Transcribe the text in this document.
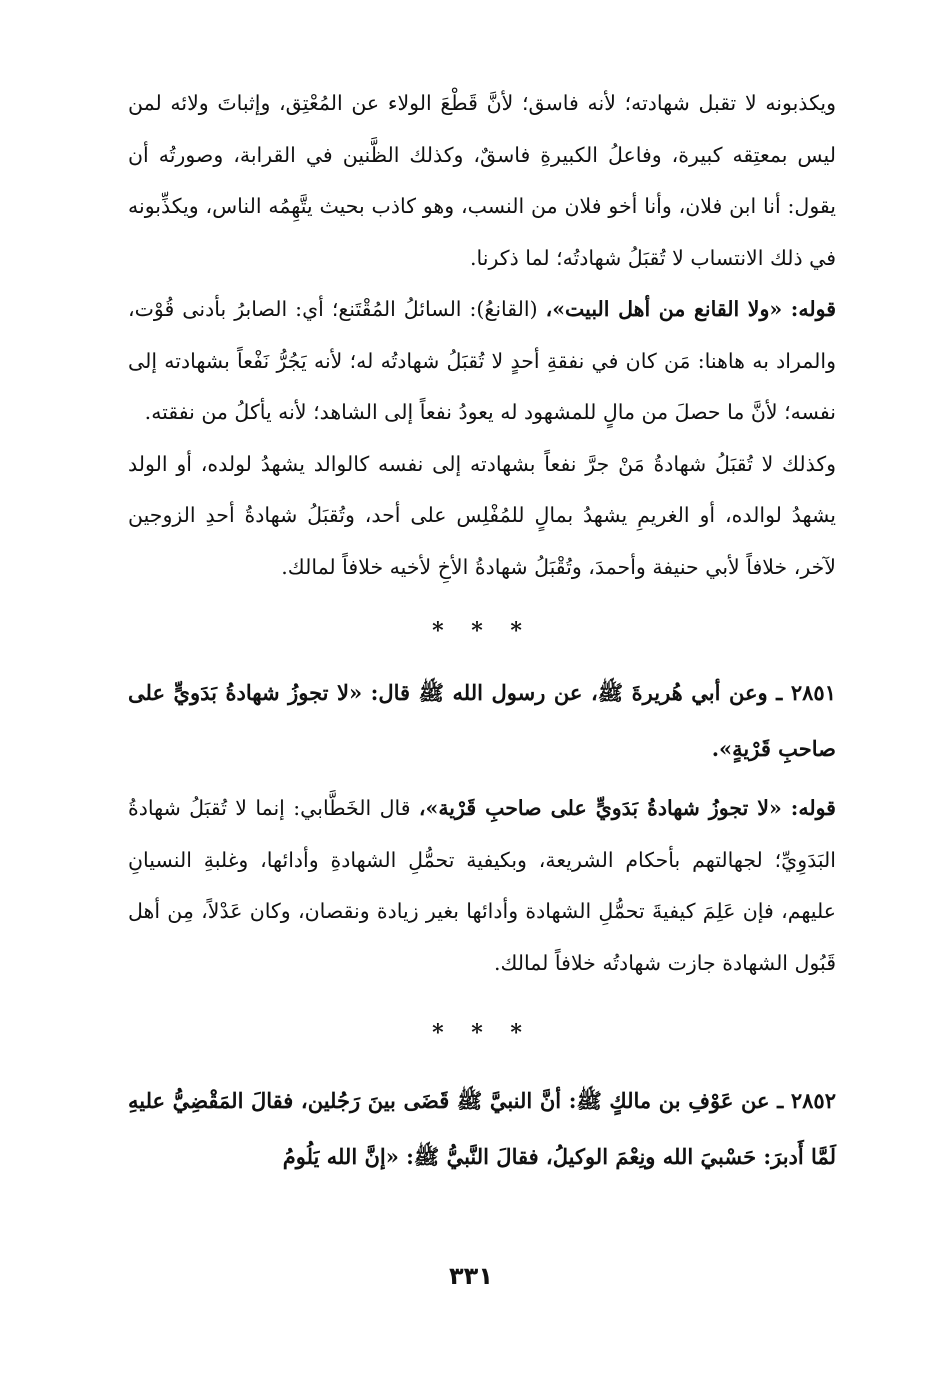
ويكذبونه لا تقبل شهادته؛ لأنه فاسق؛ لأنَّ قَطْعَ الولاء عن المُعْتِق، وإثباتَ ولائه لمن ليس بمعتِقه كبيرة، وفاعلُ الكبيرةِ فاسقٌ، وكذلك الظَّنين في القرابة، وصورتُه أن يقول: أنا ابن فلان، وأنا أخو فلان من النسب، وهو كاذب بحيث يتَّهِمُه الناس، ويكذِّبونه في ذلك الانتساب لا تُقبَلُ شهادتُه؛ لما ذكرنا.

قوله: «ولا القانع من أهل البيت»، (القانعُ): السائلُ المُقْتَنع؛ أي: الصابرُ بأدنى قُوْت، والمراد به هاهنا: مَن كان في نفقةِ أحدٍ لا تُقبَلُ شهادتُه له؛ لأنه يَجُرُّ نَفْعاً بشهادته إلى نفسه؛ لأنَّ ما حصلَ من مالٍ للمشهود له يعودُ نفعاً إلى الشاهد؛ لأنه يأكلُ من نفقته.

وكذلك لا تُقبَلُ شهادةُ مَنْ جرَّ نفعاً بشهادته إلى نفسه كالوالد يشهدُ لولده، أو الولد يشهدُ لوالده، أو الغريمِ يشهدُ بمالٍ للمُفْلِس على أحد، وتُقبَلُ شهادةُ أحدِ الزوجين لآخر، خلافاً لأبي حنيفة وأحمدَ، وتُقْبَلُ شهادةُ الأخِ لأخيه خلافاً لمالك.

* * *

٢٨٥١ ـ وعن أبي هُريرةَ ﷺ، عن رسول الله ﷺ قال: «لا تجوزُ شهادةُ بَدَويٍّ على صاحبِ قَرْيةٍ».

قوله: «لا تجوزُ شهادةُ بَدَويٍّ على صاحبِ قَرْية»، قال الخَطَّابي: إنما لا تُقبَلُ شهادةُ البَدَوِيِّ؛ لجهالتهم بأحكام الشريعة، وبكيفية تحمُّلِ الشهادةِ وأدائها، وغلبةِ النسيانِ عليهم، فإن عَلِمَ كيفيةَ تحمُّلِ الشهادة وأدائها بغير زيادة ونقصان، وكان عَدْلاً، مِن أهل قَبُول الشهادة جازت شهادتُه خلافاً لمالك.

* * *

٢٨٥٢ ـ عن عَوْفِ بن مالكٍ ﷺ: أنَّ النبيَّ ﷺ قَضَى بينَ رَجُلين، فقالَ المَقْضِيُّ عليهِ لَمَّا أَدبرَ: حَسْبيَ الله ونِعْمَ الوكيلُ، فقالَ النَّبيُّ ﷺ: «إنَّ الله يَلُومُ

٣٣١
